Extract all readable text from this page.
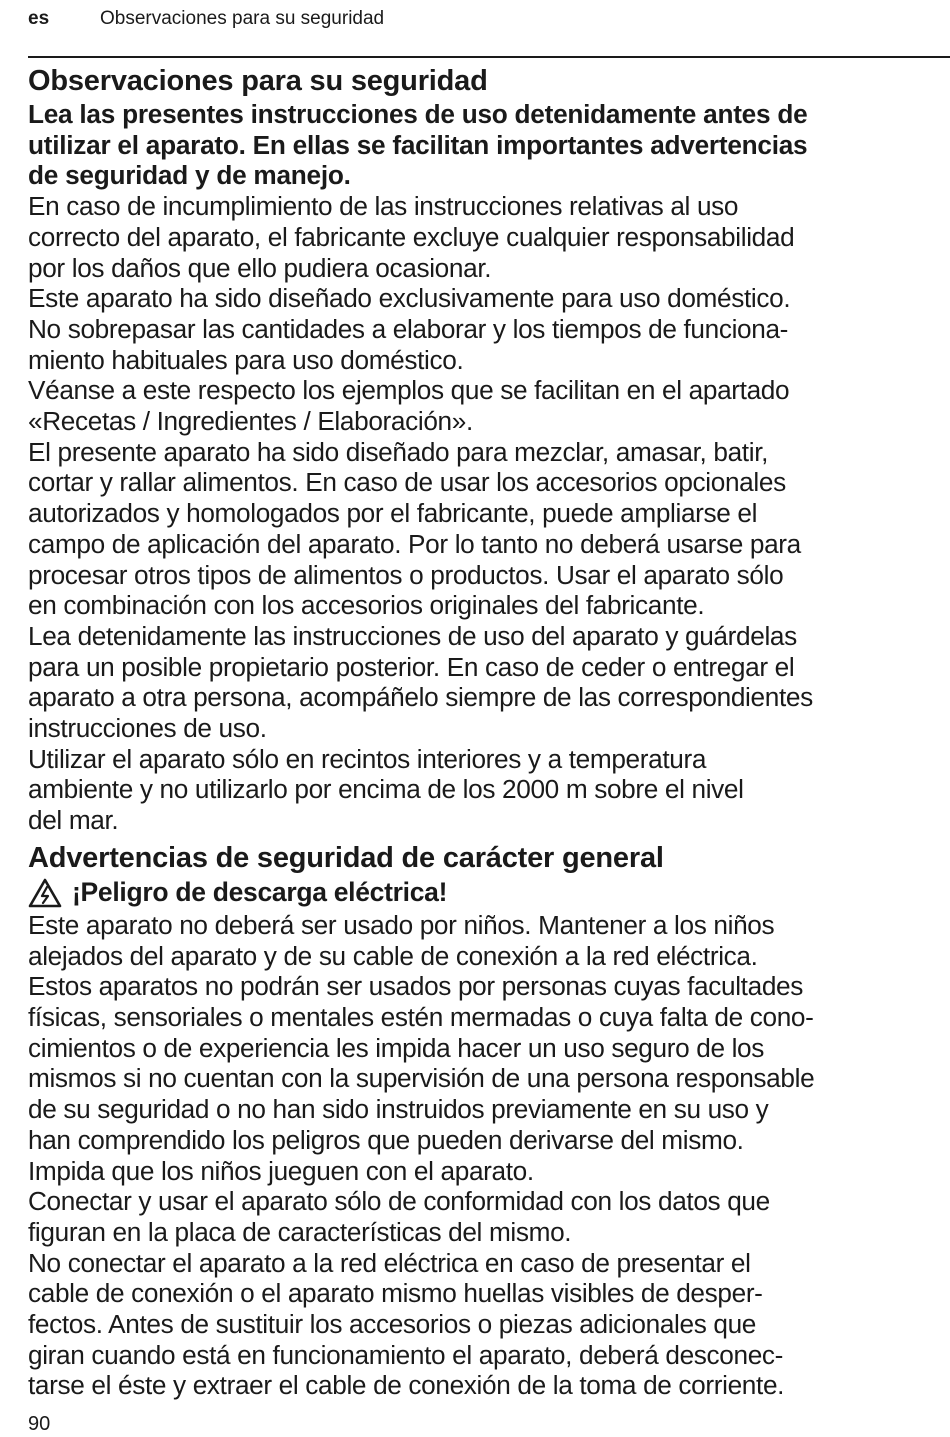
es	Observaciones para su seguridad
Observaciones para su seguridad

Lea las presentes instrucciones de uso detenidamente antes de
utilizar el aparato. En ellas se facilitan importantes advertencias
de seguridad y de manejo.

En caso de incumplimiento de las instrucciones relativas al uso
correcto del aparato, el fabricante excluye cualquier responsabilidad
por los daños que ello pudiera ocasionar.

Este aparato ha sido diseñado exclusivamente para uso doméstico.
No sobrepasar las cantidades a elaborar y los tiempos de funciona-
miento habituales para uso doméstico.

Véanse a este respecto los ejemplos que se facilitan en el apartado
«Recetas / Ingredientes / Elaboración».

El presente aparato ha sido diseñado para mezclar, amasar, batir,
cortar y rallar alimentos. En caso de usar los accesorios opcionales
autorizados y homologados por el fabricante, puede ampliarse el
campo de aplicación del aparato. Por lo tanto no deberá usarse para
procesar otros tipos de alimentos o productos. Usar el aparato sólo
en combinación con los accesorios originales del fabricante.

Lea detenidamente las instrucciones de uso del aparato y guárdelas
para un posible propietario posterior. En caso de ceder o entregar el
aparato a otra persona, acompáñelo siempre de las correspondientes
instrucciones de uso.

Utilizar el aparato sólo en recintos interiores y a temperatura
ambiente y no utilizarlo por encima de los 2000 m sobre el nivel
del mar.

Advertencias de seguridad de carácter general
¡Peligro de descarga eléctrica!

Este aparato no deberá ser usado por niños. Mantener a los niños
alejados del aparato y de su cable de conexión a la red eléctrica.

Estos aparatos no podrán ser usados por personas cuyas facultades
físicas, sensoriales o mentales estén mermadas o cuya falta de cono-
cimientos o de experiencia les impida hacer un uso seguro de los
mismos si no cuentan con la supervisión de una persona responsable
de su seguridad o no han sido instruidos previamente en su uso y
han comprendido los peligros que pueden derivarse del mismo.

Impida que los niños jueguen con el aparato.

Conectar y usar el aparato sólo de conformidad con los datos que
figuran en la placa de características del mismo.

No conectar el aparato a la red eléctrica en caso de presentar el
cable de conexión o el aparato mismo huellas visibles de desper-
fectos. Antes de sustituir los accesorios o piezas adicionales que
giran cuando está en funcionamiento el aparato, deberá desconec-
tarse el éste y extraer el cable de conexión de la toma de corriente.

90
